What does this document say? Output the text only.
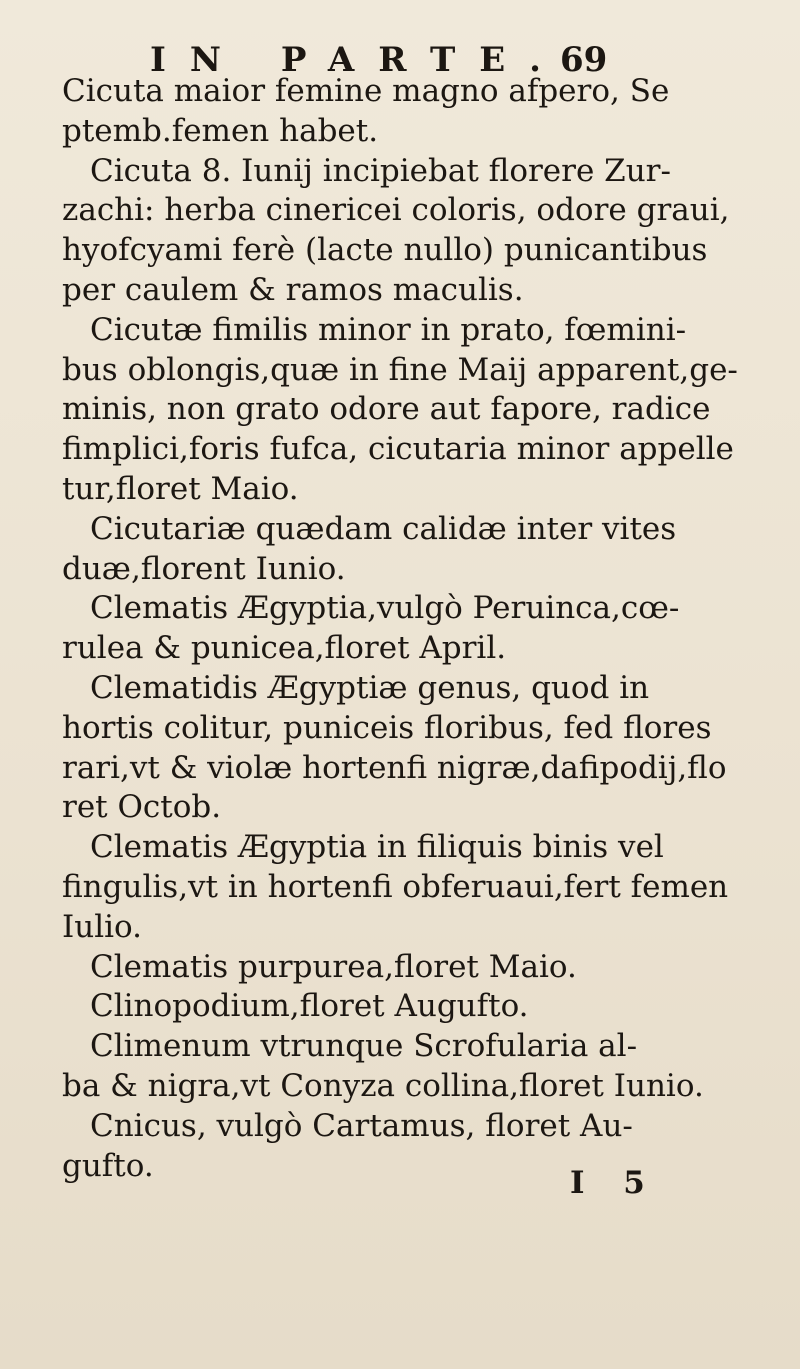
IN PARTE.
69
Cicuta maior femine magno afpero, Se
ptemb.femen habet.
Cicuta 8. Iunij incipiebat florere Zur-
zachi: herba cinericei coloris, odore graui,
hyofcyami ferè (lacte nullo) punicantibus
per caulem & ramos maculis.
Cicutæ fimilis minor in prato, fœmini-
bus oblongis,quæ in fine Maij apparent,ge-
minis, non grato odore aut fapore, radice
fimplici,foris fufca, cicutaria minor appelle
tur,floret Maio.
Cicutariæ quædam calidæ inter vites
duæ,florent Iunio.
Clematis Ægyptia,vulgò Peruinca,cœ-
rulea & puniceа,floret April.
Clematidis Ægyptiæ genus, quod in
hortis colitur, puniceis floribus, fed flores
rari,vt & violæ hortenfi nigræ,dafipodij,flo
ret Octob.
Clematis Ægyptia in filiquis binis vel
fingulis,vt in hortenfi obferuaui,fert femen
Iulio.
Clematis purpurea,floret Maio.
Clinopodium,floret Augufto.
Climenum vtrunque Scrofularia al-
ba & nigra,vt Conyza collina,floret Iunio.
Cnicus, vulgò Cartamus, floret Au-
gufto.	I 5
